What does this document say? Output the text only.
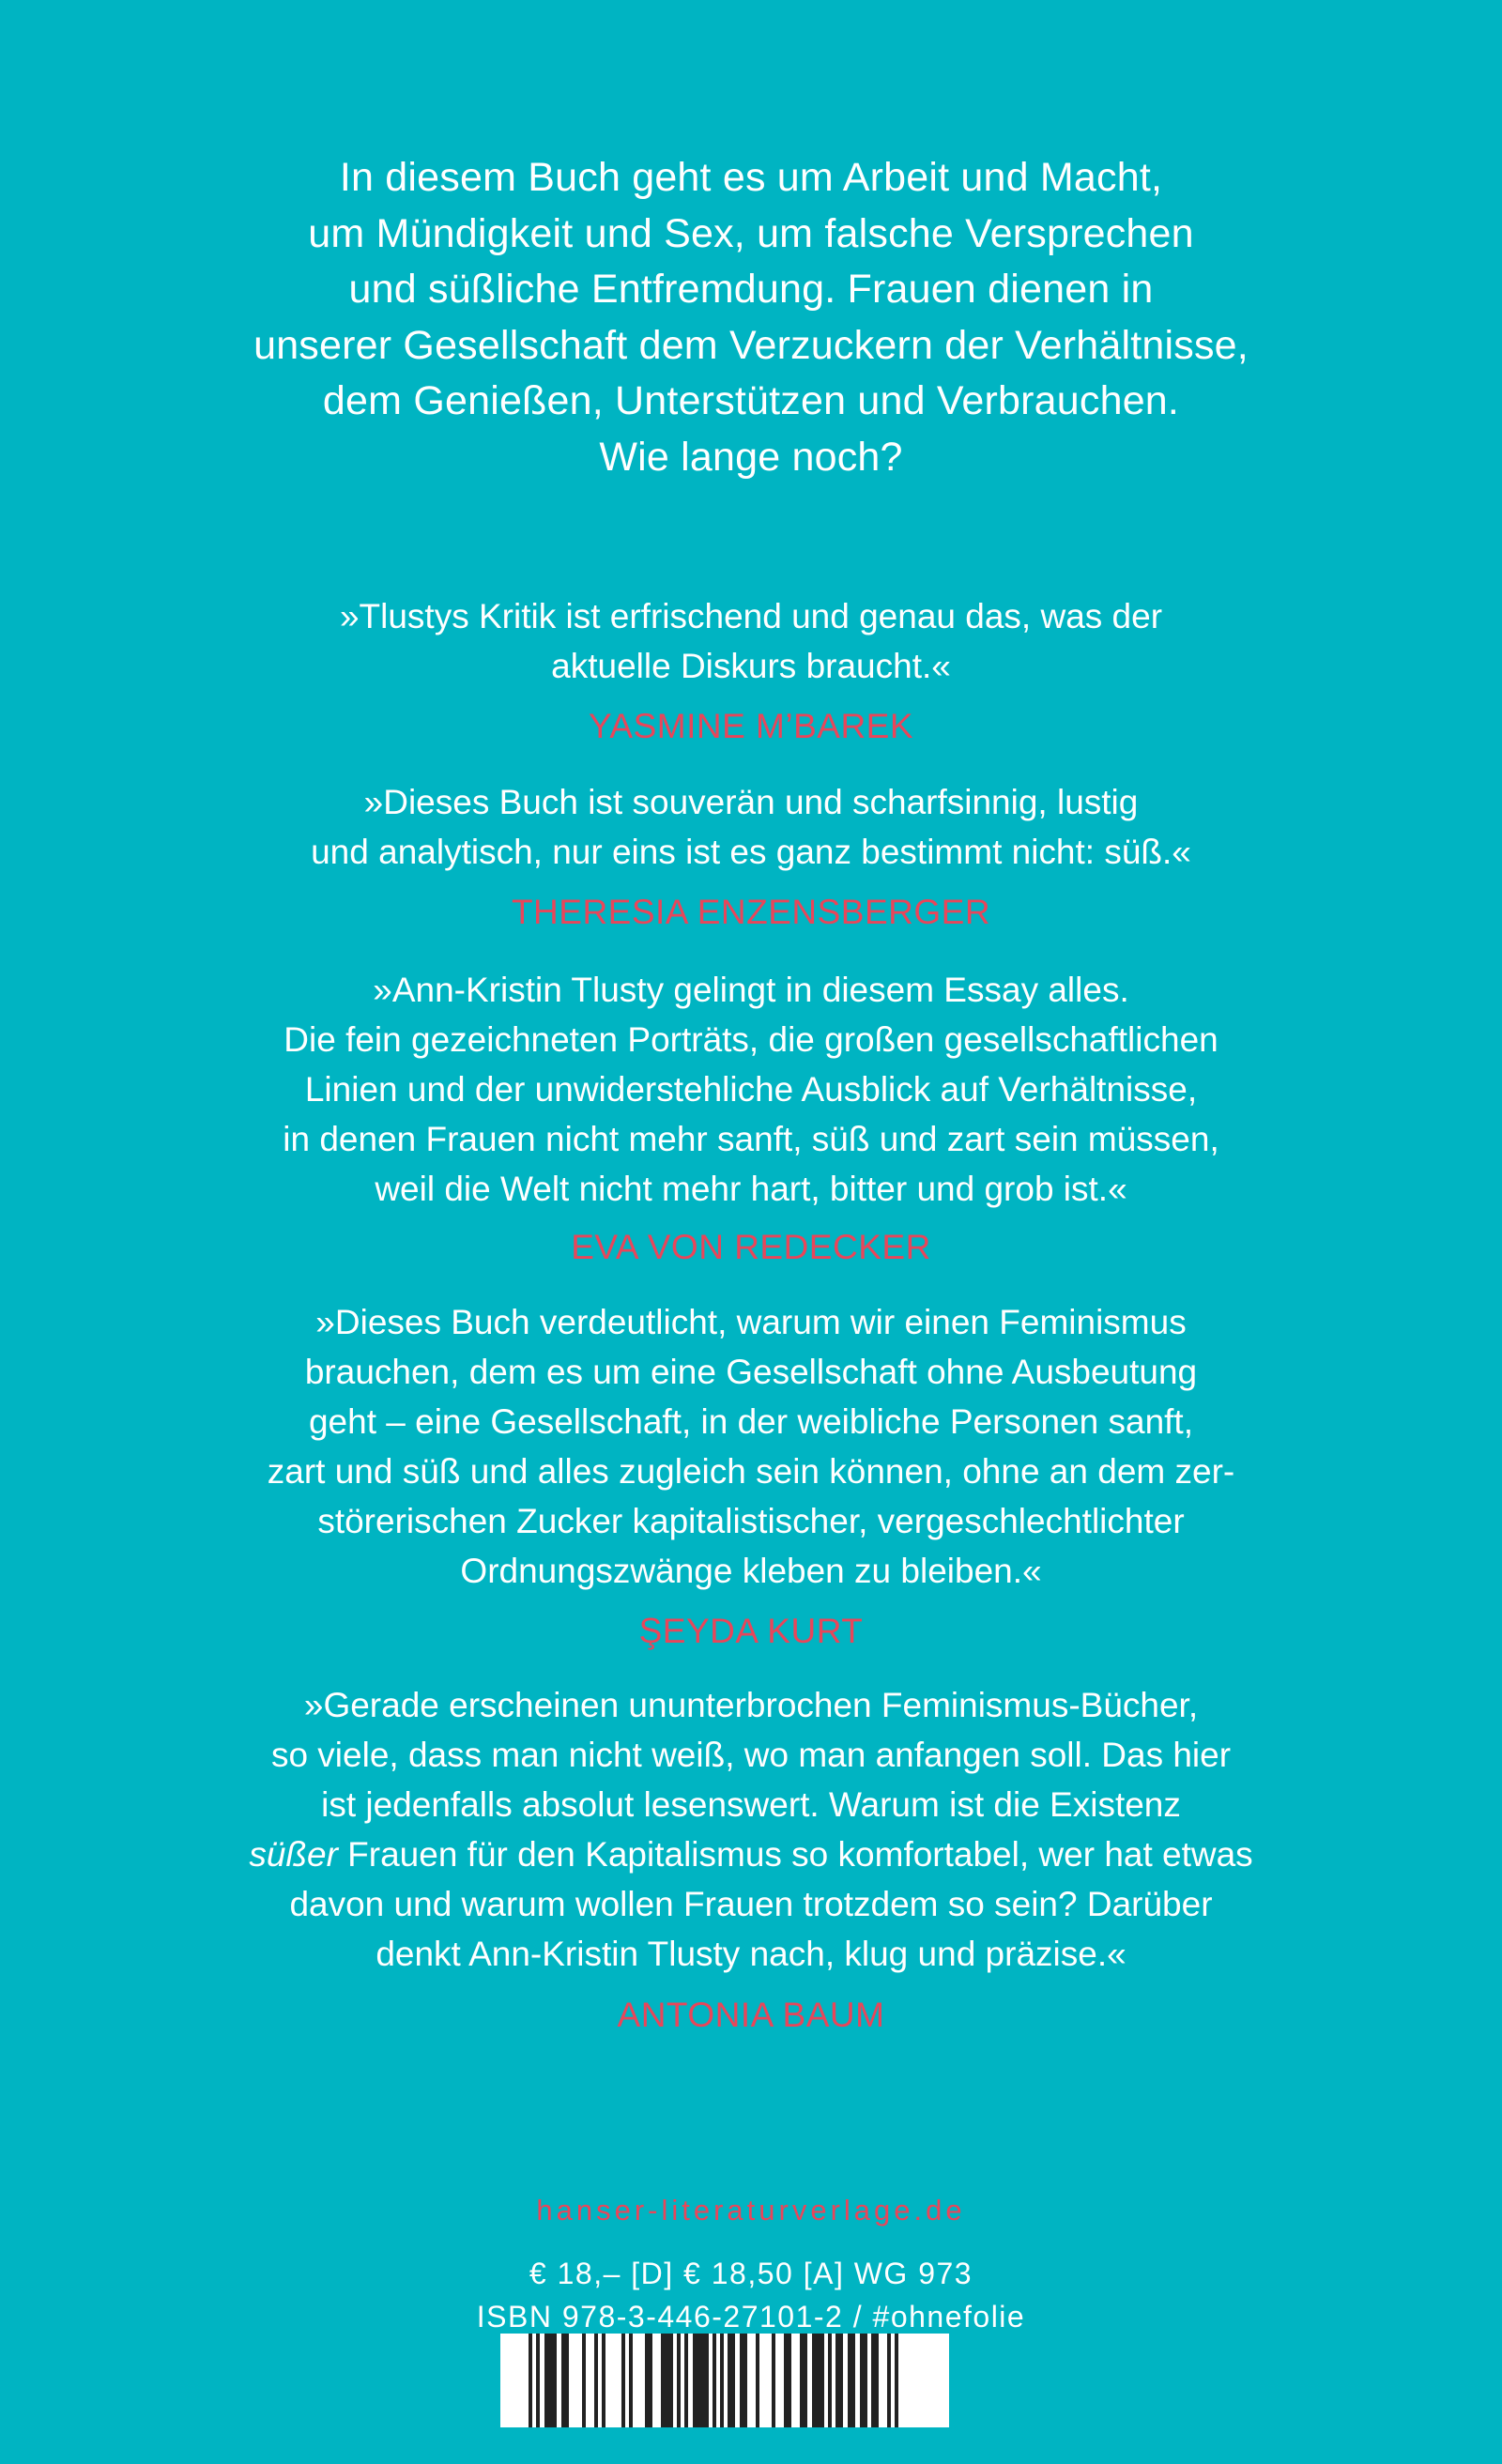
In diesem Buch geht es um Arbeit und Macht,
um Mündigkeit und Sex, um falsche Versprechen
und süßliche Entfremdung. Frauen dienen in
unserer Gesellschaft dem Verzuckern der Verhältnisse,
dem Genießen, Unterstützen und Verbrauchen.
Wie lange noch?
»Tlustys Kritik ist erfrischend und genau das, was der
aktuelle Diskurs braucht.«
YASMINE M’BAREK
»Dieses Buch ist souverän und scharfsinnig, lustig
und analytisch, nur eins ist es ganz bestimmt nicht: süß.«
THERESIA ENZENSBERGER
»Ann-Kristin Tlusty gelingt in diesem Essay alles.
Die fein gezeichneten Porträts, die großen gesellschaftlichen
Linien und der unwiderstehliche Ausblick auf Verhältnisse,
in denen Frauen nicht mehr sanft, süß und zart sein müssen,
weil die Welt nicht mehr hart, bitter und grob ist.«
EVA VON REDECKER
»Dieses Buch verdeutlicht, warum wir einen Feminismus
brauchen, dem es um eine Gesellschaft ohne Ausbeutung
geht – eine Gesellschaft, in der weibliche Personen sanft,
zart und süß und alles zugleich sein können, ohne an dem zer-
störerischen Zucker kapitalistischer, vergeschlechtlichter
Ordnungszwänge kleben zu bleiben.«
ŞEYDA KURT
»Gerade erscheinen ununterbrochen Feminismus-Bücher,
so viele, dass man nicht weiß, wo man anfangen soll. Das hier
ist jedenfalls absolut lesenswert. Warum ist die Existenz
süßer Frauen für den Kapitalismus so komfortabel, wer hat etwas
davon und warum wollen Frauen trotzdem so sein? Darüber
denkt Ann-Kristin Tlusty nach, klug und präzise.«
ANTONIA BAUM
hanser-literaturverlage.de
€ 18,– [D] € 18,50 [A] WG 973
ISBN 978-3-446-27101-2 / #ohnefolie
